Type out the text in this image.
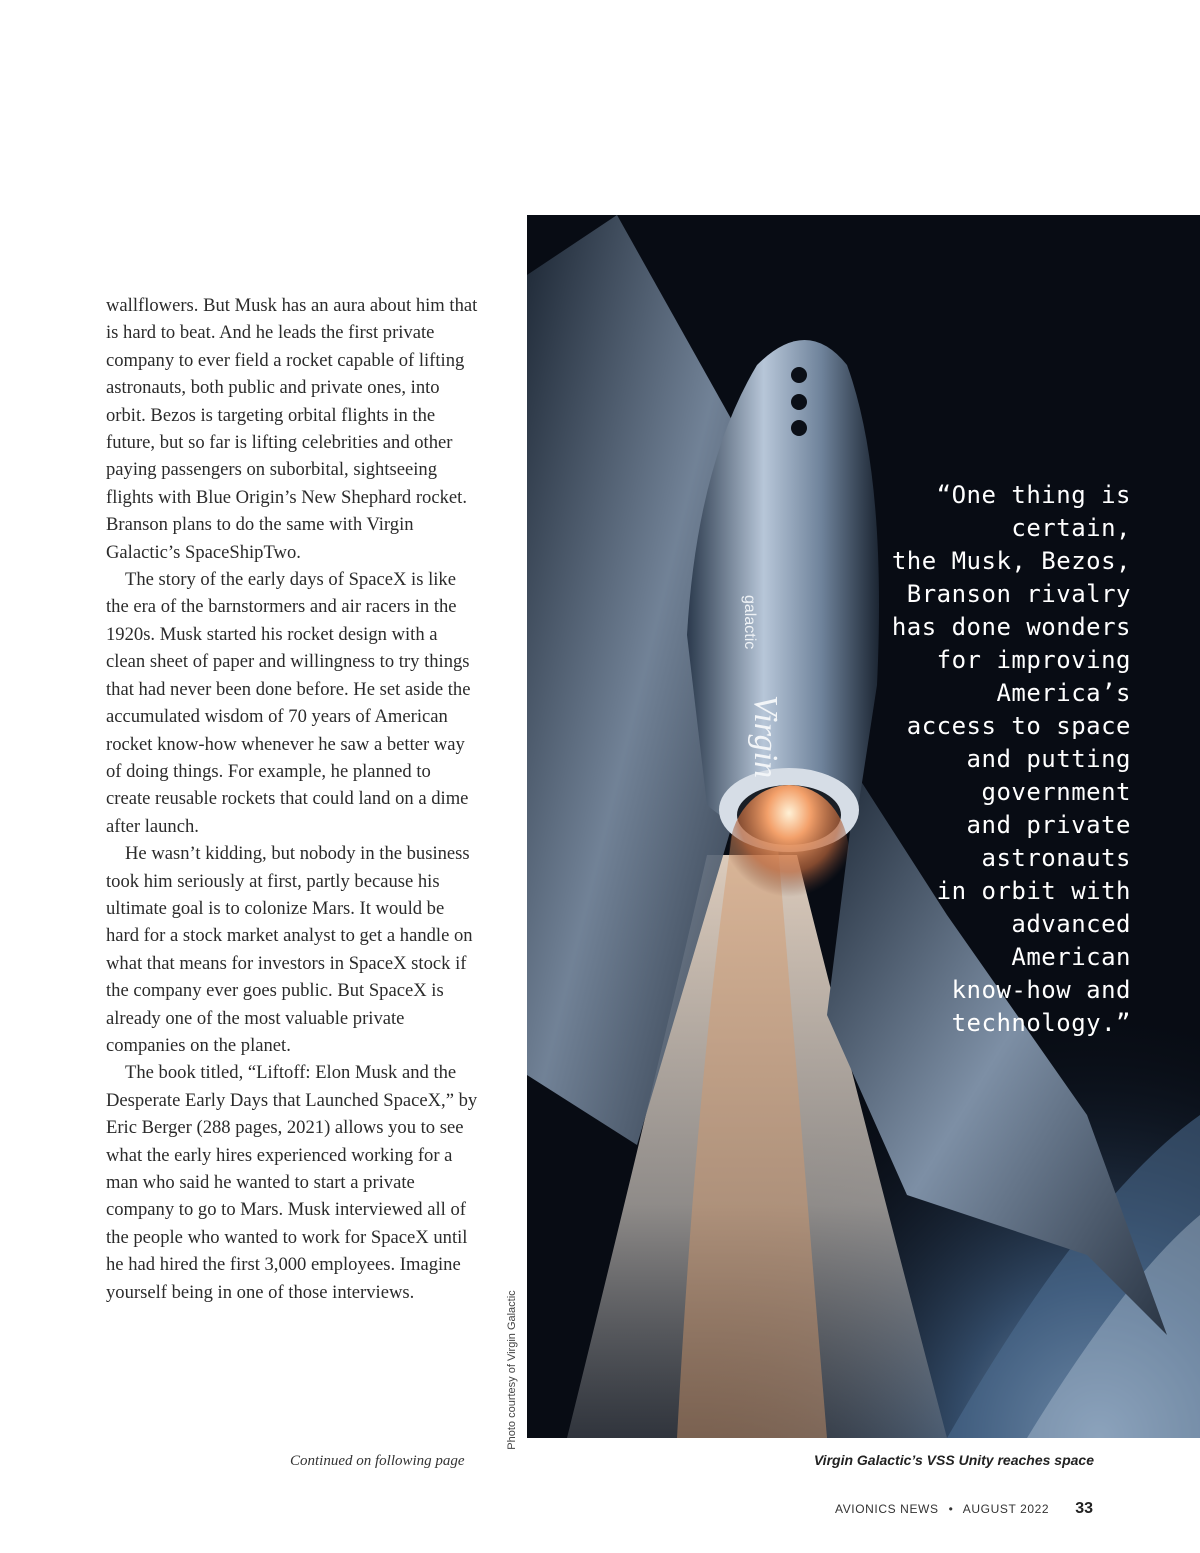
wallflowers. But Musk has an aura about him that is hard to beat. And he leads the first private company to ever field a rocket capable of lifting astronauts, both public and private ones, into orbit. Bezos is targeting orbital flights in the future, but so far is lifting celebrities and other paying passengers on suborbital, sightseeing flights with Blue Origin’s New Shephard rocket. Branson plans to do the same with Virgin Galactic’s SpaceShipTwo.

The story of the early days of SpaceX is like the era of the barnstormers and air racers in the 1920s. Musk started his rocket design with a clean sheet of paper and willingness to try things that had never been done before. He set aside the accumulated wisdom of 70 years of American rocket know-how whenever he saw a better way of doing things. For example, he planned to create reusable rockets that could land on a dime after launch.

He wasn’t kidding, but nobody in the business took him seriously at first, partly because his ultimate goal is to colonize Mars. It would be hard for a stock market analyst to get a handle on what that means for investors in SpaceX stock if the company ever goes public. But SpaceX is already one of the most valuable private companies on the planet.

The book titled, “Liftoff: Elon Musk and the Desperate Early Days that Launched SpaceX,” by Eric Berger (288 pages, 2021) allows you to see what the early hires experienced working for a man who said he wanted to start a private company to go to Mars. Musk interviewed all of the people who wanted to work for SpaceX until he had hired the first 3,000 employees. Imagine yourself being in one of those interviews.

Continued on following page
Photo courtesy of Virgin Galactic
Virgin
galactic
“One thing is certain,
the Musk, Bezos,
Branson rivalry
has done wonders
for improving
America’s
access to space
and putting
government
and private
astronauts
in orbit with
advanced
American
know-how and
technology.”
Virgin Galactic’s VSS Unity reaches space
AVIONICS NEWS • AUGUST 2022 33
